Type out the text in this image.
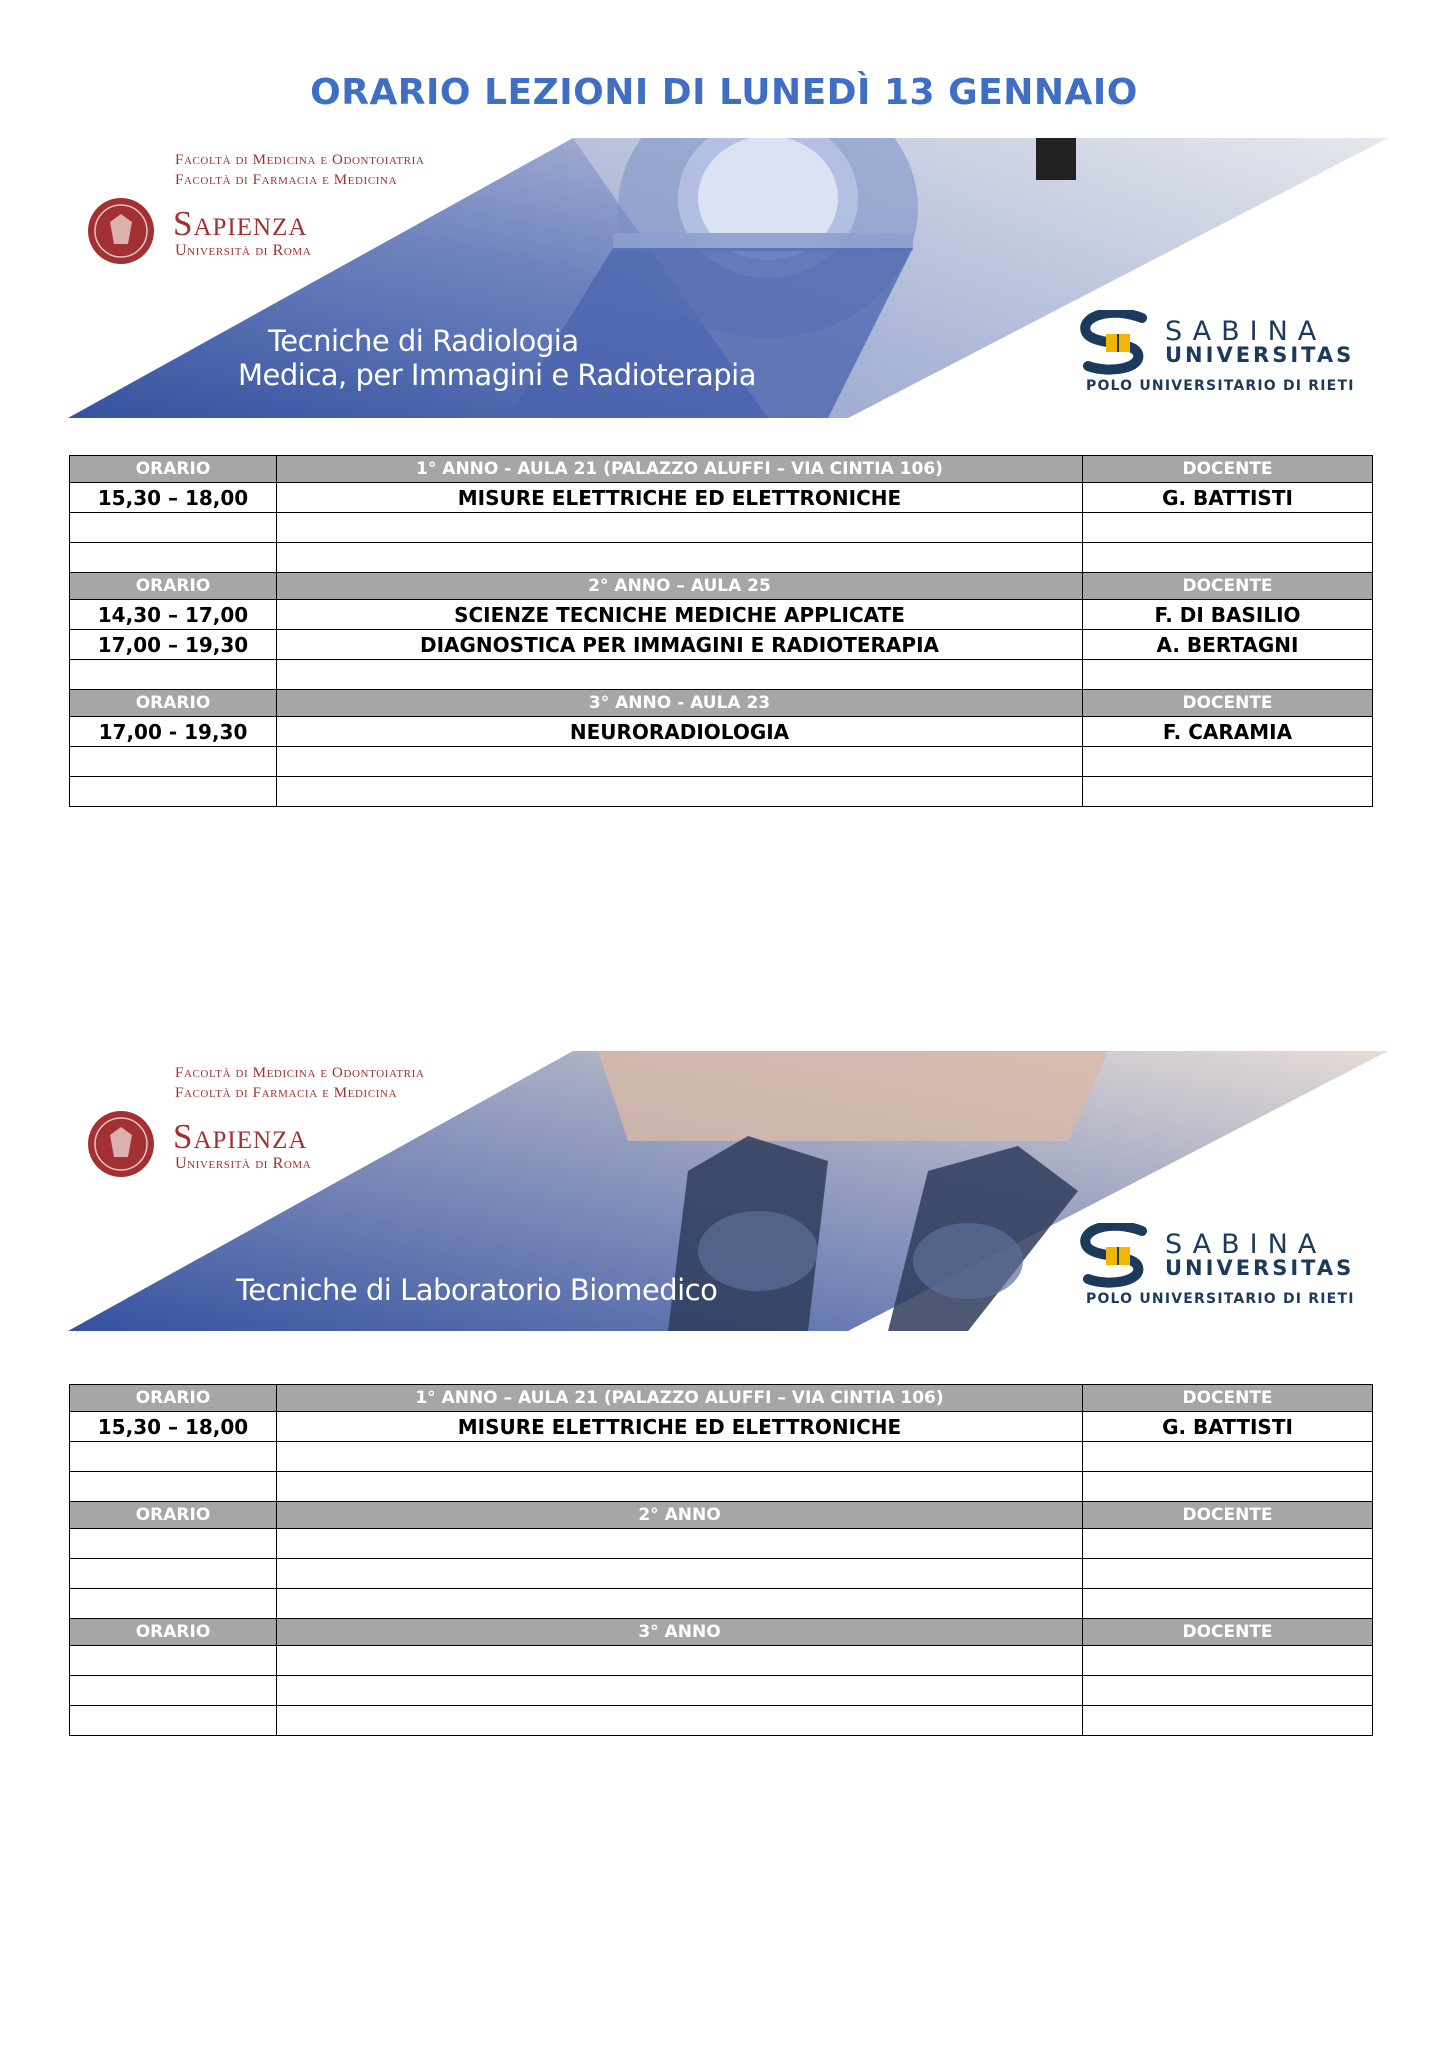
ORARIO LEZIONI DI LUNEDÌ 13 GENNAIO
Facoltà di Medicina e Odontoiatria
Facoltà di Farmacia e Medicina
Sapienza
Università di Roma
Tecniche di Radiologia
Medica, per Immagini e Radioterapia
SABINA
UNIVERSITAS
POLO UNIVERSITARIO DI RIETI
ORARIO	1° ANNO - AULA 21 (PALAZZO ALUFFI – VIA CINTIA 106)	DOCENTE
15,30 – 18,00	MISURE ELETTRICHE ED ELETTRONICHE	G. BATTISTI

ORARIO	2° ANNO – AULA 25	DOCENTE
14,30 – 17,00	SCIENZE TECNICHE MEDICHE APPLICATE	F. DI BASILIO
17,00 – 19,30	DIAGNOSTICA PER IMMAGINI E RADIOTERAPIA	A. BERTAGNI

ORARIO	3° ANNO - AULA 23	DOCENTE
17,00 - 19,30	NEURORADIOLOGIA	F. CARAMIA

Facoltà di Medicina e Odontoiatria
Facoltà di Farmacia e Medicina
Sapienza
Università di Roma
Tecniche di Laboratorio Biomedico
SABINA
UNIVERSITAS
POLO UNIVERSITARIO DI RIETI
ORARIO	1° ANNO – AULA 21 (PALAZZO ALUFFI – VIA CINTIA 106)	DOCENTE
15,30 – 18,00	MISURE ELETTRICHE ED ELETTRONICHE	G. BATTISTI

ORARIO	2° ANNO	DOCENTE

ORARIO	3° ANNO	DOCENTE
